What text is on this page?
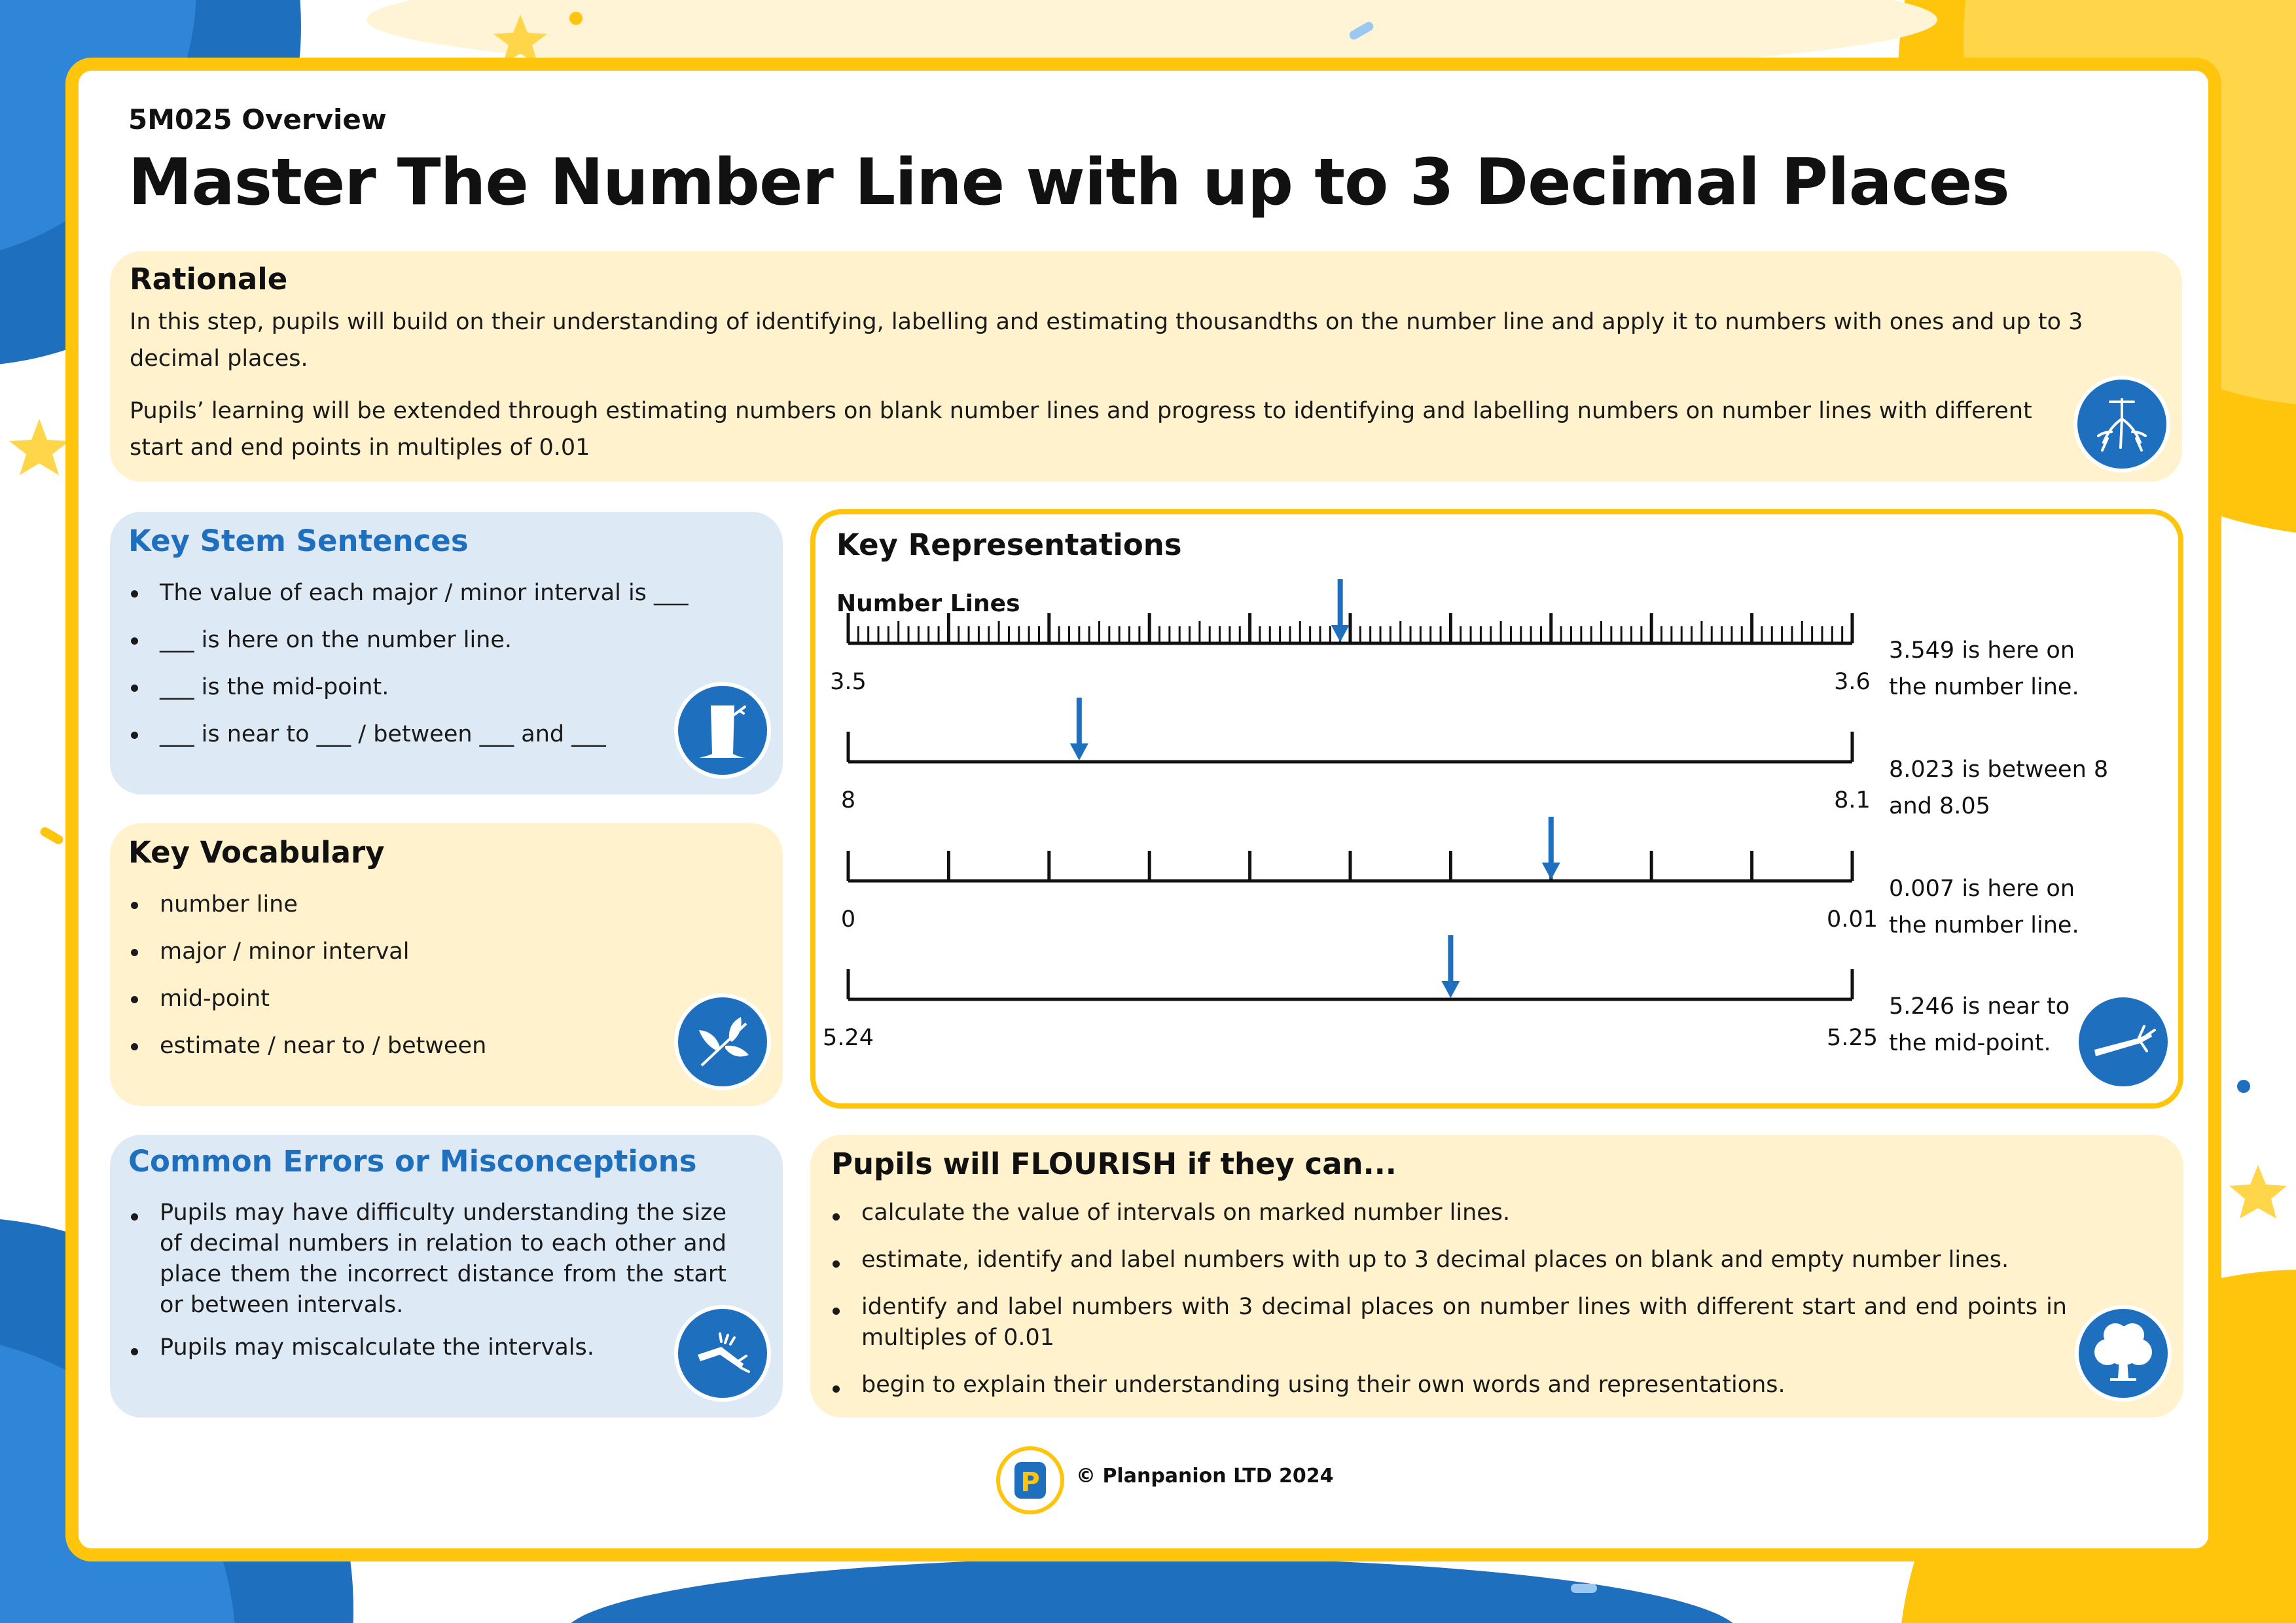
5M025 Overview
Master The Number Line with up to 3 Decimal Places
Rationale
In this step, pupils will build on their understanding of identifying, labelling and estimating thousandths on the number line and apply it to numbers with ones and up to 3 decimal places.
Pupils’ learning will be extended through estimating numbers on blank number lines and progress to identifying and labelling numbers on number lines with different start and end points in multiples of 0.01
Key Stem Sentences
The value of each major / minor interval is ___
___ is here on the number line.
___ is the mid-point.
___ is near to ___ / between ___ and ___
Key Vocabulary
number line
major / minor interval
mid-point
estimate / near to / between
Common Errors or Misconceptions
Pupils may have difficulty understanding the size of decimal numbers in relation to each other and place them the incorrect distance from the start or between intervals.
Pupils may miscalculate the intervals.
Key Representations
Number Lines
3.5	3.6
8	8.1
0	0.01
5.24	5.25
3.549 is here on
the number line.
8.023 is between 8
and 8.05
0.007 is here on
the number line.
5.246 is near to
the mid-point.
Pupils will FLOURISH if they can...
calculate the value of intervals on marked number lines.
estimate, identify and label numbers with up to 3 decimal places on blank and empty number lines.
identify and label numbers with 3 decimal places on number lines with different start and end points in multiples of 0.01
begin to explain their understanding using their own words and representations.
P © Planpanion LTD 2024
